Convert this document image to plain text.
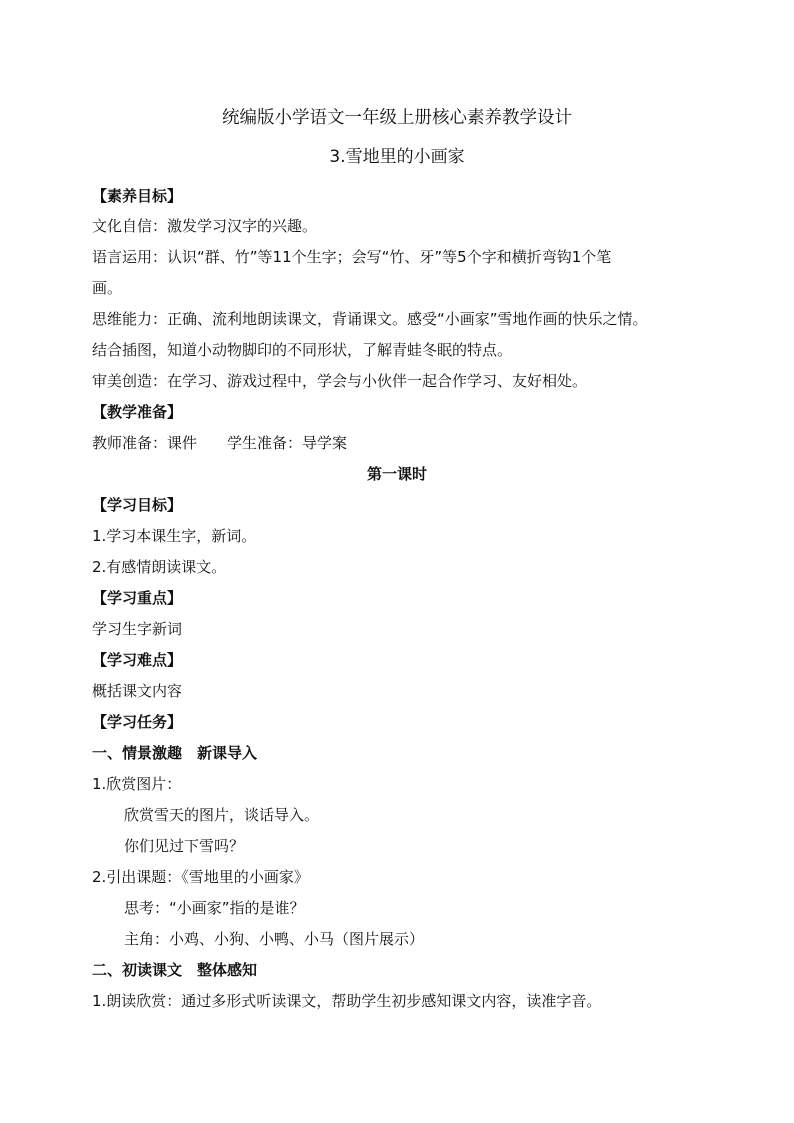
统编版小学语文一年级上册核心素养教学设计
3.雪地里的小画家
【素养目标】
文化自信：激发学习汉字的兴趣。
语言运用：认识“群、竹”等11个生字；会写“竹、牙”等5个字和横折弯钩1个笔
画。
思维能力：正确、流利地朗读课文，背诵课文。感受“小画家”雪地作画的快乐之情。
结合插图，知道小动物脚印的不同形状，了解青蛙冬眠的特点。
审美创造：在学习、游戏过程中，学会与小伙伴一起合作学习、友好相处。
【教学准备】
教师准备：课件　　学生准备：导学案
第一课时
【学习目标】
1.学习本课生字，新词。
2.有感情朗读课文。
【学习重点】
学习生字新词
【学习难点】
概括课文内容
【学习任务】
一、情景激趣　新课导入
1.欣赏图片：
欣赏雪天的图片，谈话导入。
你们见过下雪吗？
2.引出课题：《雪地里的小画家》
思考：“小画家”指的是谁？
主角：小鸡、小狗、小鸭、小马（图片展示）
二、初读课文　整体感知
1.朗读欣赏：通过多形式听读课文，帮助学生初步感知课文内容，读准字音。
